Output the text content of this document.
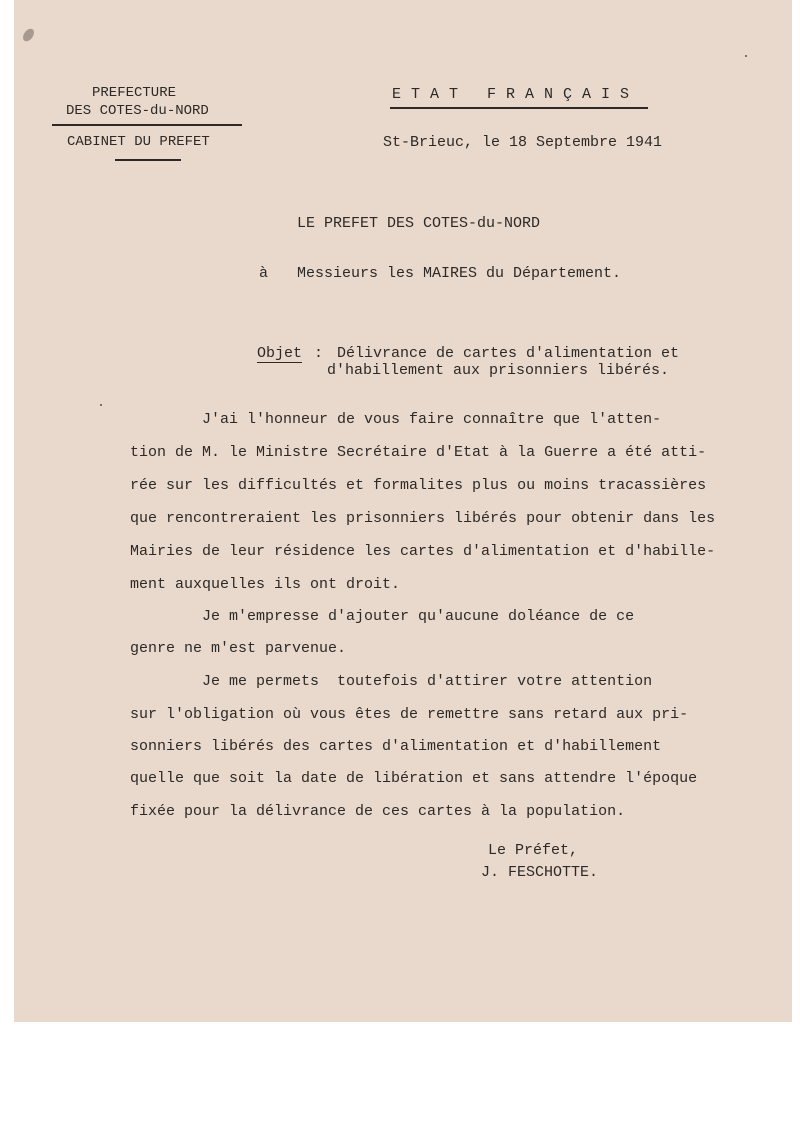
PREFECTURE
DES COTES-du-NORD
CABINET DU PREFET
E T A T   F R A N Ç A I S
St-Brieuc, le 18 Septembre 1941
LE PREFET DES COTES-du-NORD
à Messieurs les MAIRES du Département.
Objet : Délivrance de cartes d'alimentation et
d'habillement aux prisonniers libérés.
J'ai l'honneur de vous faire connaître que l'atten-
tion de M. le Ministre Secrétaire d'Etat à la Guerre a été atti-
rée sur les difficultés et formalites plus ou moins tracassières
que rencontreraient les prisonniers libérés pour obtenir dans les
Mairies de leur résidence les cartes d'alimentation et d'habille-
ment auxquelles ils ont droit.
Je m'empresse d'ajouter qu'aucune doléance de ce
genre ne m'est parvenue.
Je me permets  toutefois d'attirer votre attention
sur l'obligation où vous êtes de remettre sans retard aux pri-
sonniers libérés des cartes d'alimentation et d'habillement
quelle que soit la date de libération et sans attendre l'époque
fixée pour la délivrance de ces cartes à la population.
Le Préfet,
J. FESCHOTTE.
